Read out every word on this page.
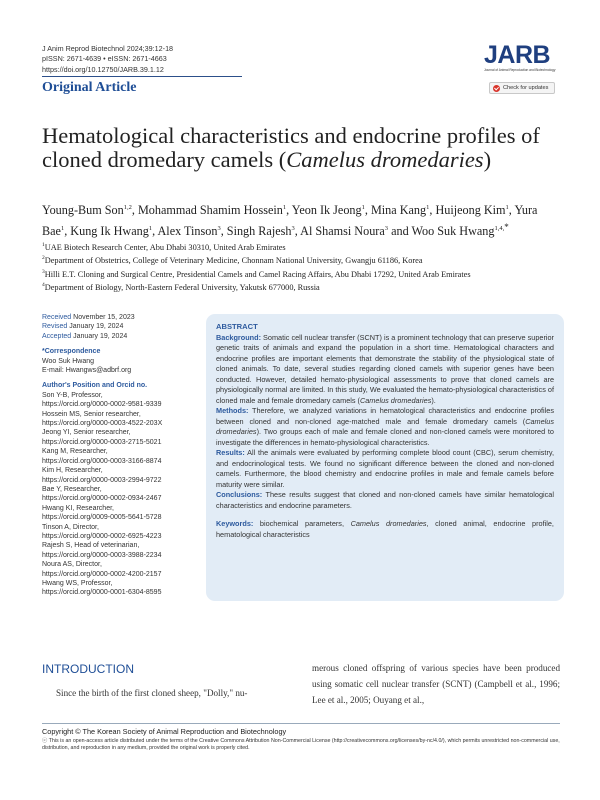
J Anim Reprod Biotechnol 2024;39:12-18
pISSN: 2671-4639 • eISSN: 2671-4663
https://doi.org/10.12750/JARB.39.1.12
Original Article
JARB
Journal of Animal Reproduction and Biotechnology
Check for updates
Hematological characteristics and endocrine profiles of cloned dromedary camels (Camelus dromedaries)
Young-Bum Son$^{1,2}$, Mohammad Shamim Hossein$^1$, Yeon Ik Jeong$^1$, Mina Kang$^1$, Huijeong Kim$^1$, Yura Bae$^1$, Kung Ik Hwang$^1$, Alex Tinson$^3$, Singh Rajesh$^3$, Al Shamsi Noura$^3$ and Woo Suk Hwang$^{1,4,*}$
$^1$UAE Biotech Research Center, Abu Dhabi 30310, United Arab Emirates
$^2$Department of Obstetrics, College of Veterinary Medicine, Chonnam National University, Gwangju 61186, Korea
$^3$Hilli E.T. Cloning and Surgical Centre, Presidential Camels and Camel Racing Affairs, Abu Dhabi 17292, United Arab Emirates
$^4$Department of Biology, North-Eastern Federal University, Yakutsk 677000, Russia
Received November 15, 2023
Revised January 19, 2024
Accepted January 19, 2024
*Correspondence
Woo Suk Hwang
E-mail: Hwangws@adbrf.org
Author's Position and Orcid no.
Son Y-B, Professor,
https://orcid.org/0000-0002-9581-9339
Hossein MS, Senior researcher,
https://orcid.org/0000-0003-4522-203X
Jeong YI, Senior researcher,
https://orcid.org/0000-0003-2715-5021
Kang M, Researcher,
https://orcid.org/0000-0003-3166-8874
Kim H, Researcher,
https://orcid.org/0000-0003-2994-9722
Bae Y, Researcher,
https://orcid.org/0000-0002-0934-2467
Hwang KI, Researcher,
https://orcid.org/0009-0005-5641-5728
Tinson A, Director,
https://orcid.org/0000-0002-6925-4223
Rajesh S, Head of veterinarian,
https://orcid.org/0000-0003-3988-2234
Noura AS, Director,
https://orcid.org/0000-0002-4200-2157
Hwang WS, Professor,
https://orcid.org/0000-0001-6304-8595
ABSTRACT

Background: Somatic cell nuclear transfer (SCNT) is a prominent technology that can preserve superior genetic traits of animals and expand the population in a short time. Hematological characters and endocrine profiles are important elements that demonstrate the stability of the physiological state of cloned animals. To date, several studies regarding cloned camels with superior genes have been conducted. However, detailed hemato-physiological assessments to prove that cloned camels are physiologically normal are limited. In this study, We evaluated the hemato-physiological characteristics of cloned male and female dromedary camels (Camelus dromedaries).

Methods: Therefore, we analyzed variations in hematological characteristics and endocrine profiles between cloned and non-cloned age-matched male and female dromedary camels (Camelus dromedaries). Two groups each of male and female cloned and non-cloned camels were monitored to investigate the differences in hemato-physiological characteristics.

Results: All the animals were evaluated by performing complete blood count (CBC), serum chemistry, and endocrinological tests. We found no significant difference between the cloned and non-cloned camels. Furthermore, the blood chemistry and endocrine profiles in male and female camels before maturity were similar.

Conclusions: These results suggest that cloned and non-cloned camels have similar hematological characteristics and endocrine parameters.

Keywords: biochemical parameters, Camelus dromedaries, cloned animal, endocrine profile, hematological characteristics

INTRODUCTION

Since the birth of the first cloned sheep, "Dolly," nu-

merous cloned offspring of various species have been produced using somatic cell nuclear transfer (SCNT) (Campbell et al., 1996; Lee et al., 2005; Ouyang et al.,

Copyright © The Korean Society of Animal Reproduction and Biotechnology
ⓒ This is an open-access article distributed under the terms of the Creative Commons Attribution Non-Commercial License (http://creativecommons.org/licenses/by-nc/4.0/), which permits unrestricted non-commercial use, distribution, and reproduction in any medium, provided the original work is properly cited.
